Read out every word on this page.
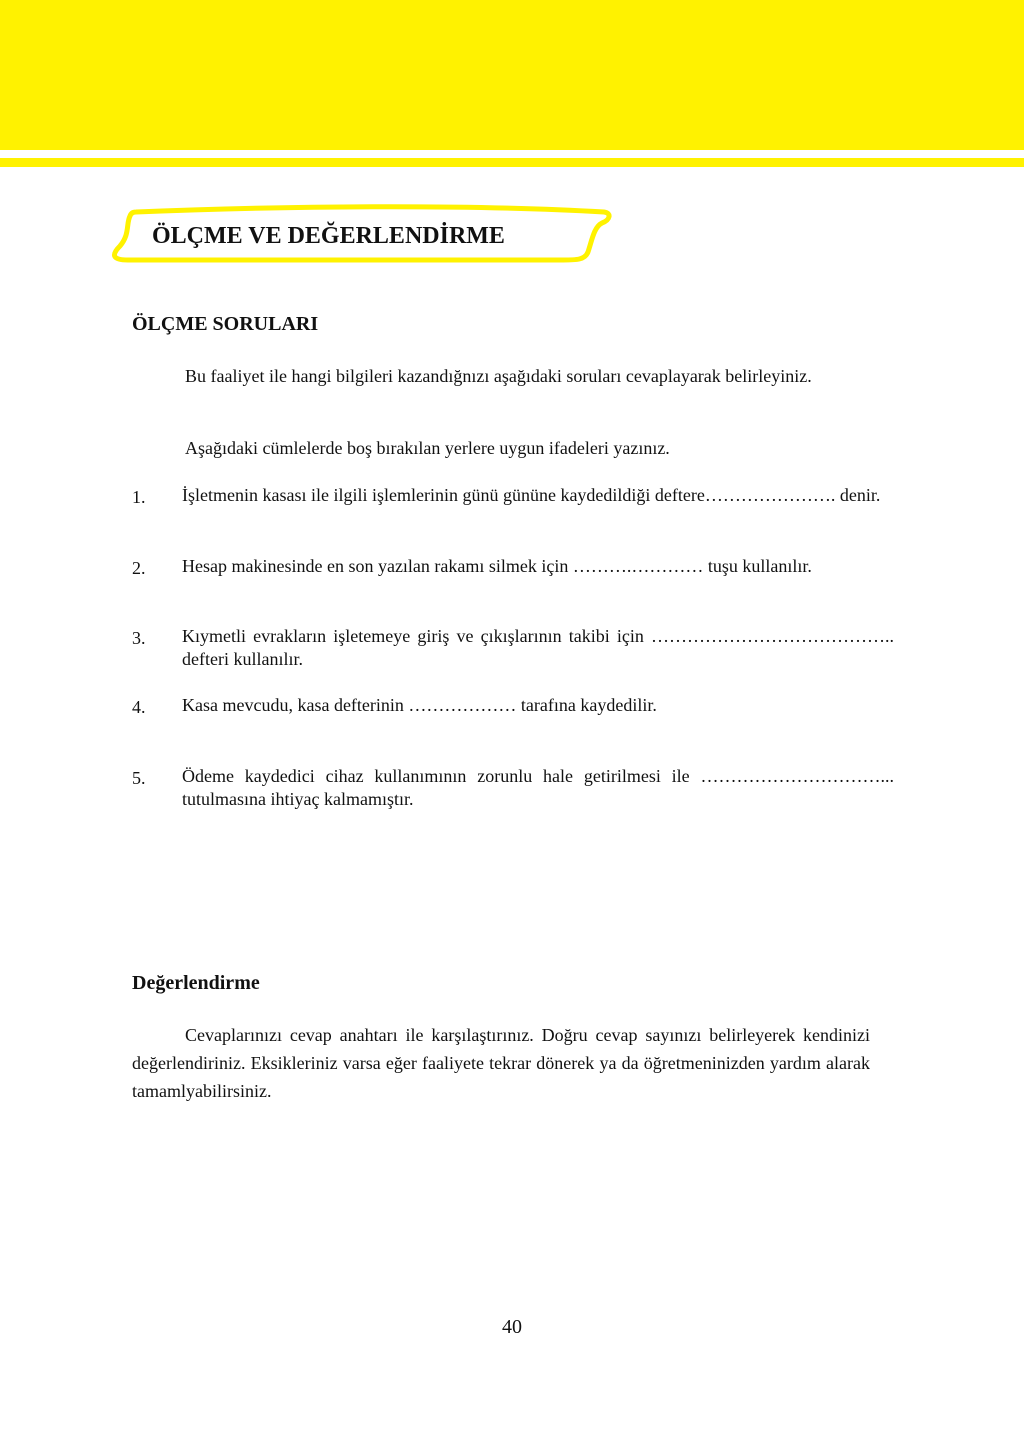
ÖLÇME VE DEĞERLENDİRME
ÖLÇME SORULARI

Bu faaliyet ile hangi bilgileri kazandığnızı aşağıdaki soruları cevaplayarak belirleyiniz.

Aşağıdaki cümlelerde boş bırakılan yerlere uygun ifadeleri yazınız.

1. İşletmenin kasası ile ilgili işlemlerinin günü gününe kaydedildiği deftere…………………. denir.
2. Hesap makinesinde en son yazılan rakamı silmek için ……….………… tuşu kullanılır.
3. Kıymetli evrakların işletemeye giriş ve çıkışlarının takibi için ………………………………….. defteri kullanılır.
4. Kasa mevcudu, kasa defterinin ……………… tarafına kaydedilir.
5. Ödeme kaydedici cihaz kullanımının zorunlu hale getirilmesi ile …………………………... tutulmasına ihtiyaç kalmamıştır.
Değerlendirme

Cevaplarınızı cevap anahtarı ile karşılaştırınız. Doğru cevap sayınızı belirleyerek kendinizi değerlendiriniz. Eksikleriniz varsa eğer faaliyete tekrar dönerek ya da öğretmeninizden yardım alarak tamamlyabilirsiniz.

40
